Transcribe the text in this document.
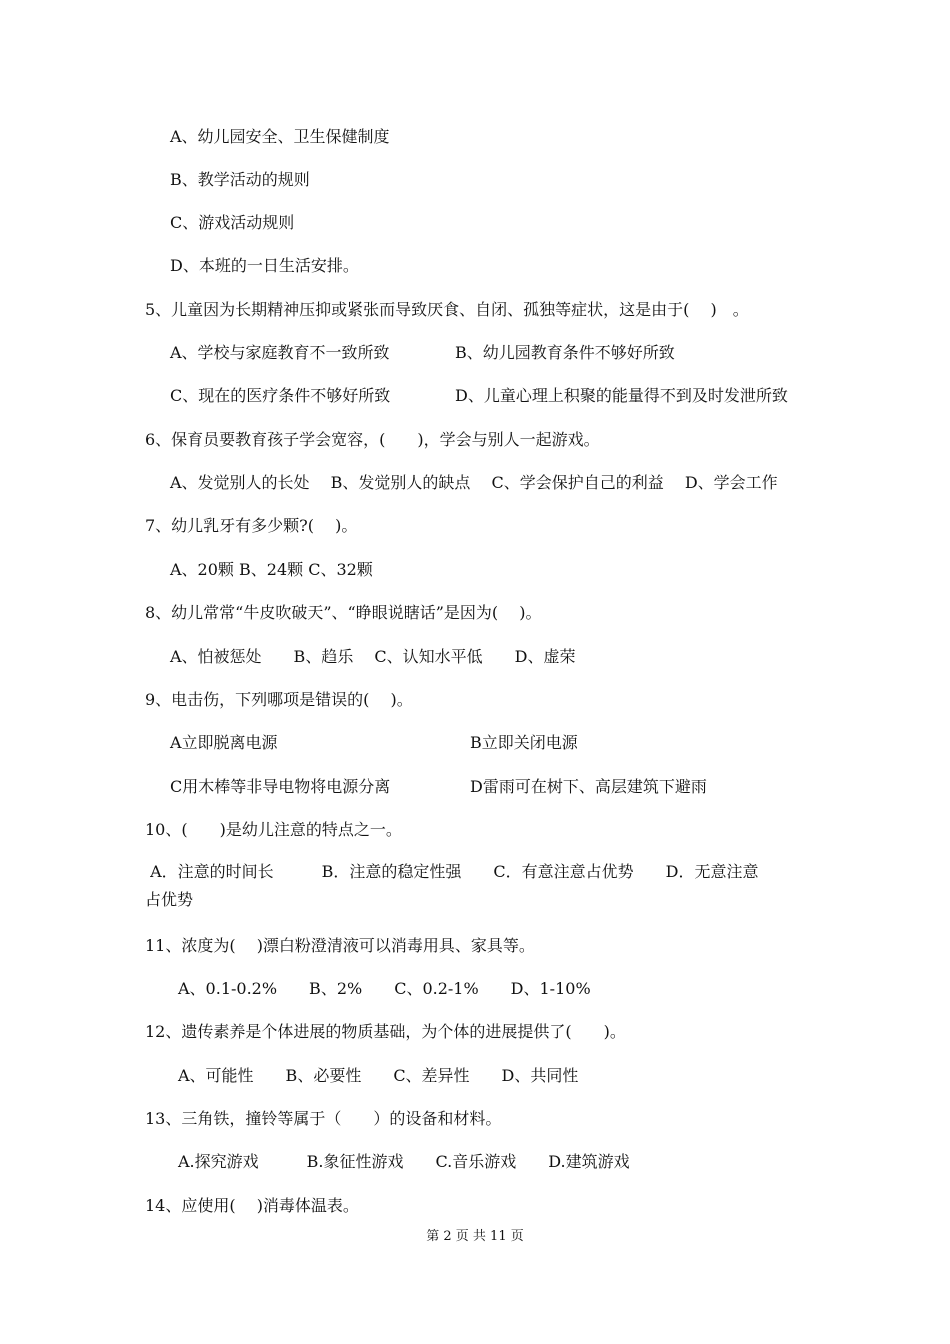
A、幼儿园安全、卫生保健制度
B、教学活动的规则
C、游戏活动规则
D、本班的一日生活安排。
5、儿童因为长期精神压抑或紧张而导致厌食、自闭、孤独等症状，这是由于(　 )　。
A、学校与家庭教育不一致所致	B、幼儿园教育条件不够好所致
C、现在的医疗条件不够好所致	D、儿童心理上积聚的能量得不到及时发泄所致
6、保育员要教育孩子学会宽容，(　　)，学会与别人一起游戏。
A、发觉别人的长处　 B、发觉别人的缺点　 C、学会保护自己的利益　 D、学会工作
7、幼儿乳牙有多少颗?(　 )。
A、20颗 B、24颗 C、32颗
8、幼儿常常“牛皮吹破天”、“睁眼说瞎话”是因为(　 )。
A、怕被惩处　　B、趋乐　 C、认知水平低　　D、虚荣
9、电击伤，下列哪项是错误的(　 )。
A立即脱离电源	B立即关闭电源
C用木棒等非导电物将电源分离	D雷雨可在树下、高层建筑下避雨
10、(　　)是幼儿注意的特点之一。
A．注意的时间长　　　B．注意的稳定性强　　C．有意注意占优势　　D．无意注意
占优势
11、浓度为(　 )漂白粉澄清液可以消毒用具、家具等。
A、0.1-0.2%　　B、2%　　C、0.2-1%　　D、1-10%
12、遗传素养是个体进展的物质基础，为个体的进展提供了(　　)。
A、可能性　　B、必要性　　C、差异性　　D、共同性
13、三角铁，撞铃等属于（　　）的设备和材料。
A.探究游戏　　　B.象征性游戏　　C.音乐游戏　　D.建筑游戏
14、应使用(　 )消毒体温表。
第 2 页 共 11 页
